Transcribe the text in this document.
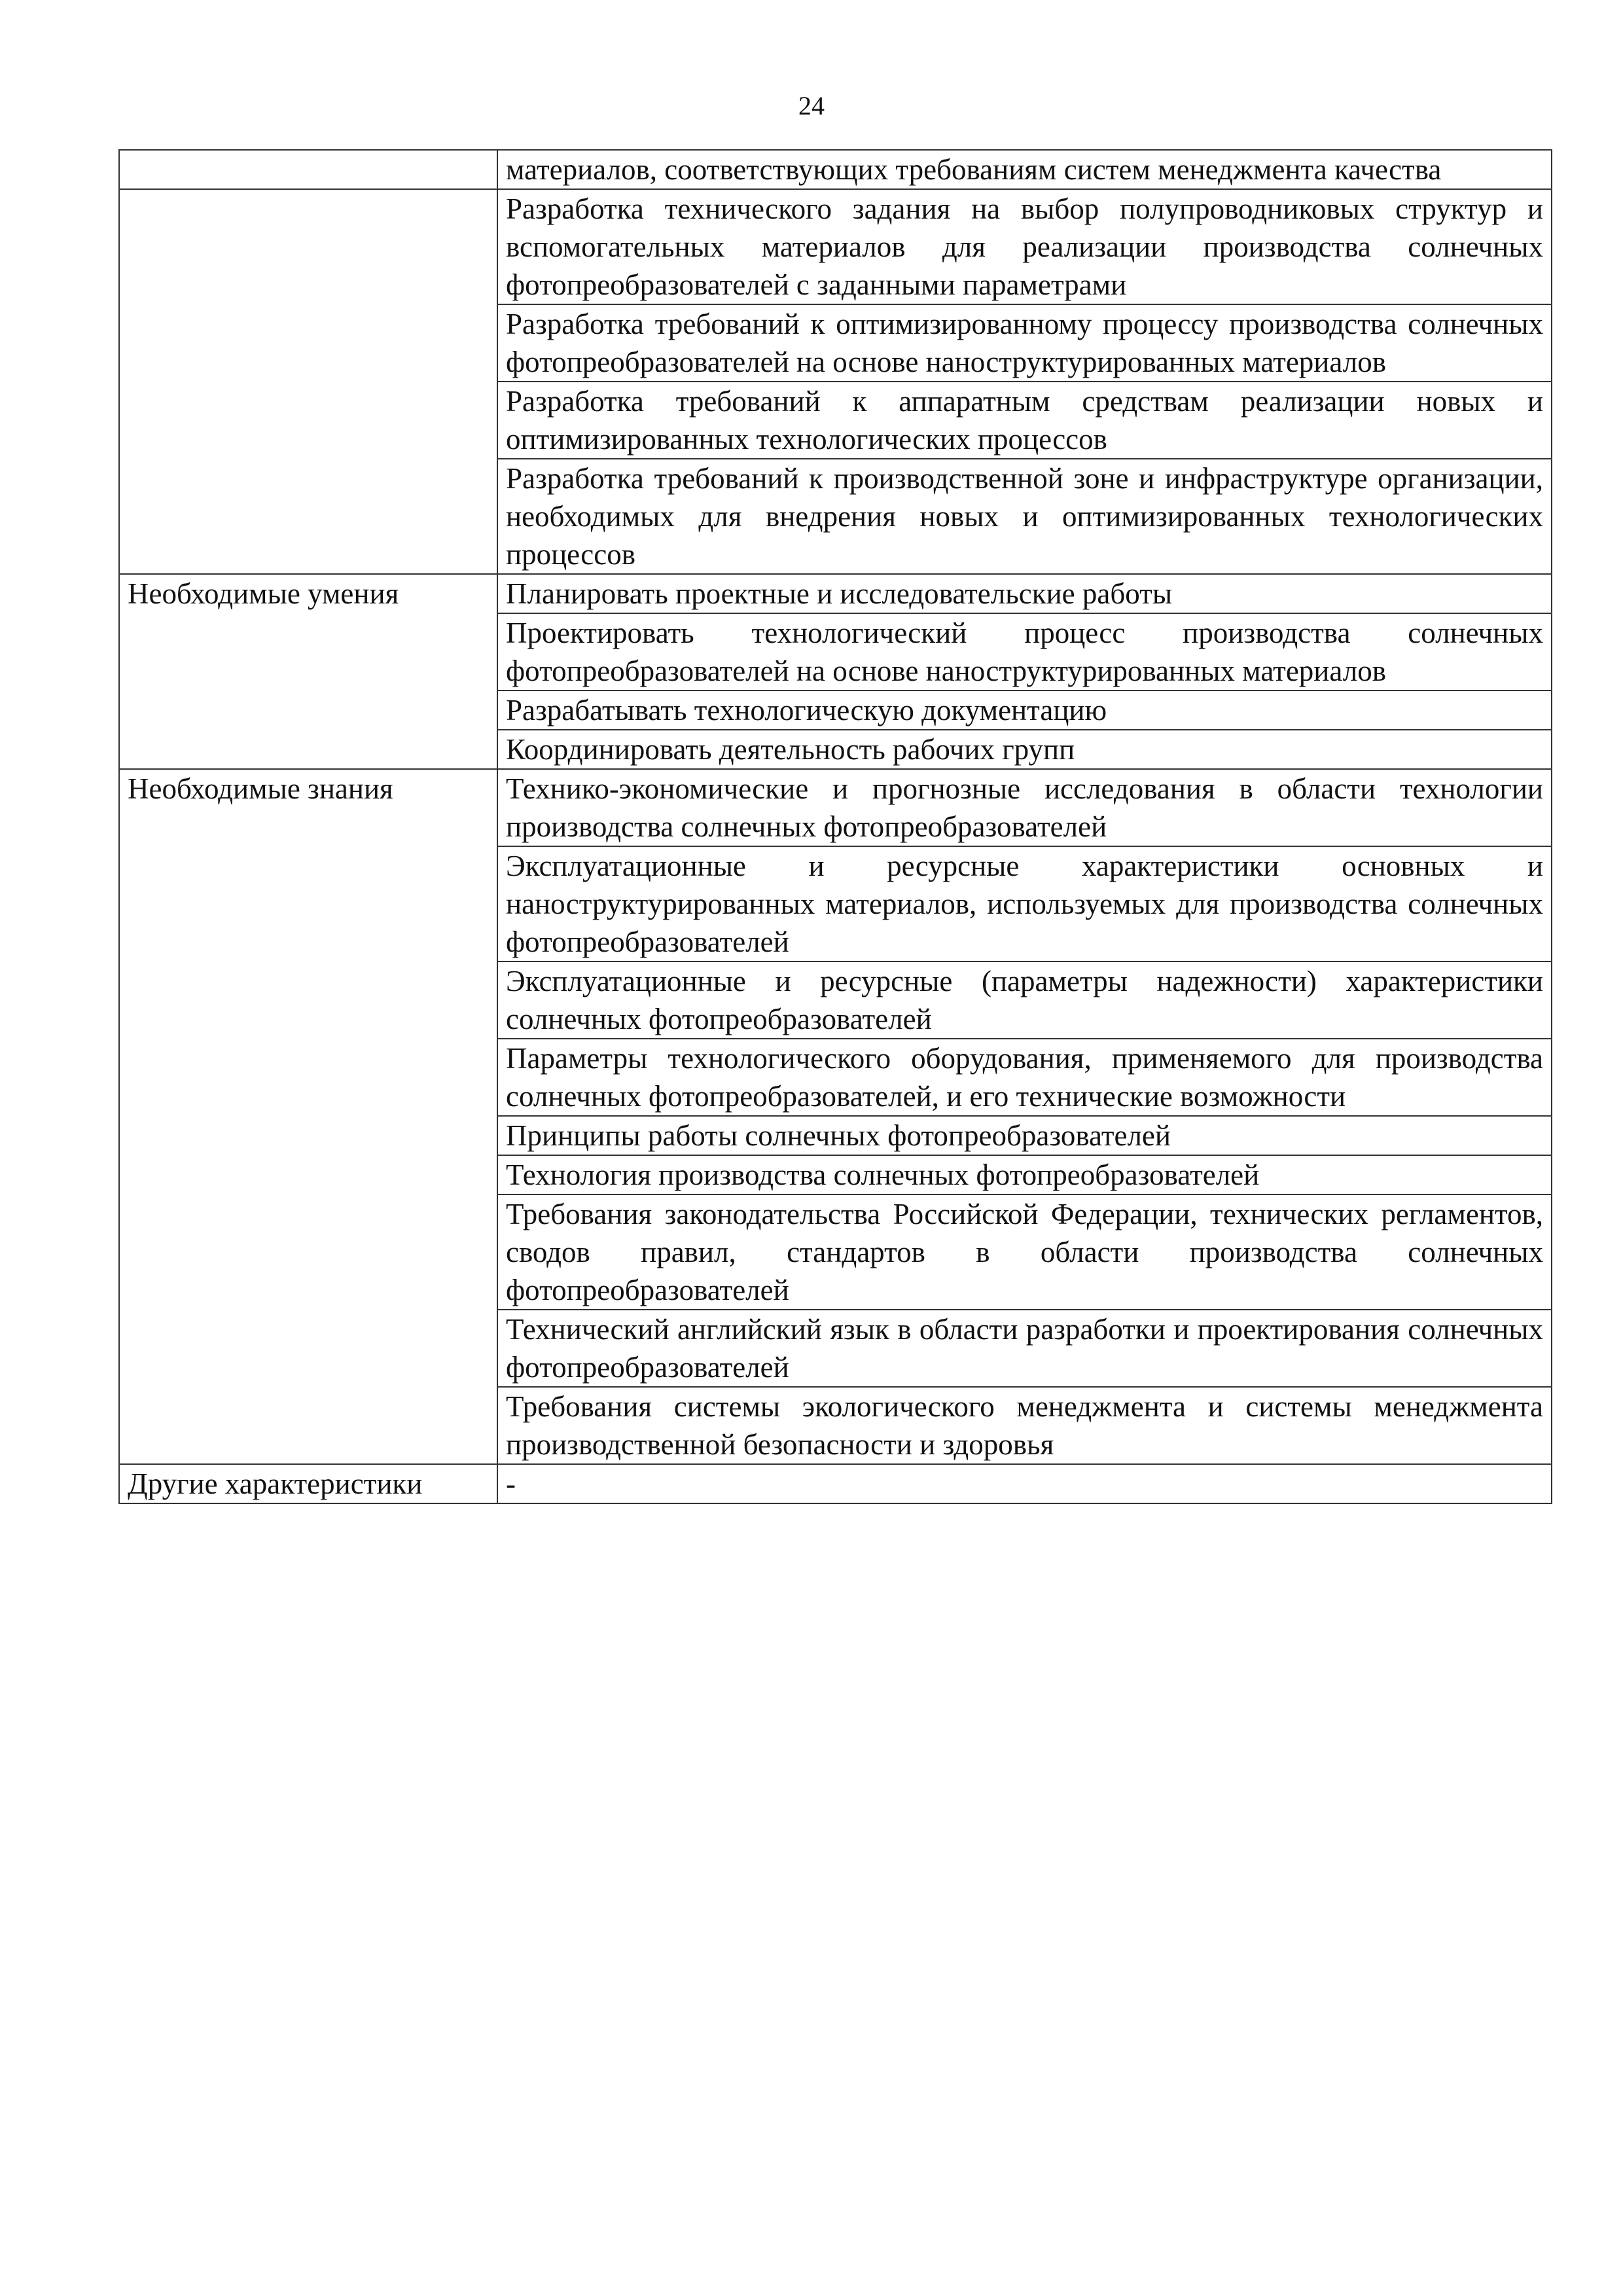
24
	материалов, соответствующих требованиям систем менеджмента качества
	Разработка технического задания на выбор полупроводниковых структур и вспомогательных материалов для реализации производства солнечных фотопреобразователей с заданными параметрами
	Разработка требований к оптимизированному процессу производства солнечных фотопреобразователей на основе наноструктурированных материалов
	Разработка требований к аппаратным средствам реализации новых и оптимизированных технологических процессов
	Разработка требований к производственной зоне и инфраструктуре организации, необходимых для внедрения новых и оптимизированных технологических процессов
Необходимые умения	Планировать проектные и исследовательские работы
	Проектировать технологический процесс производства солнечных фотопреобразователей на основе наноструктурированных материалов
	Разрабатывать технологическую документацию
	Координировать деятельность рабочих групп
Необходимые знания	Технико-экономические и прогнозные исследования в области технологии производства солнечных фотопреобразователей
	Эксплуатационные и ресурсные характеристики основных и наноструктурированных материалов, используемых для производства солнечных фотопреобразователей
	Эксплуатационные и ресурсные (параметры надежности) характеристики солнечных фотопреобразователей
	Параметры технологического оборудования, применяемого для производства солнечных фотопреобразователей, и его технические возможности
	Принципы работы солнечных фотопреобразователей
	Технология производства солнечных фотопреобразователей
	Требования законодательства Российской Федерации, технических регламентов, сводов правил, стандартов в области производства солнечных фотопреобразователей
	Технический английский язык в области разработки и проектирования солнечных фотопреобразователей
	Требования системы экологического менеджмента и системы менеджмента производственной безопасности и здоровья
Другие характеристики	-
